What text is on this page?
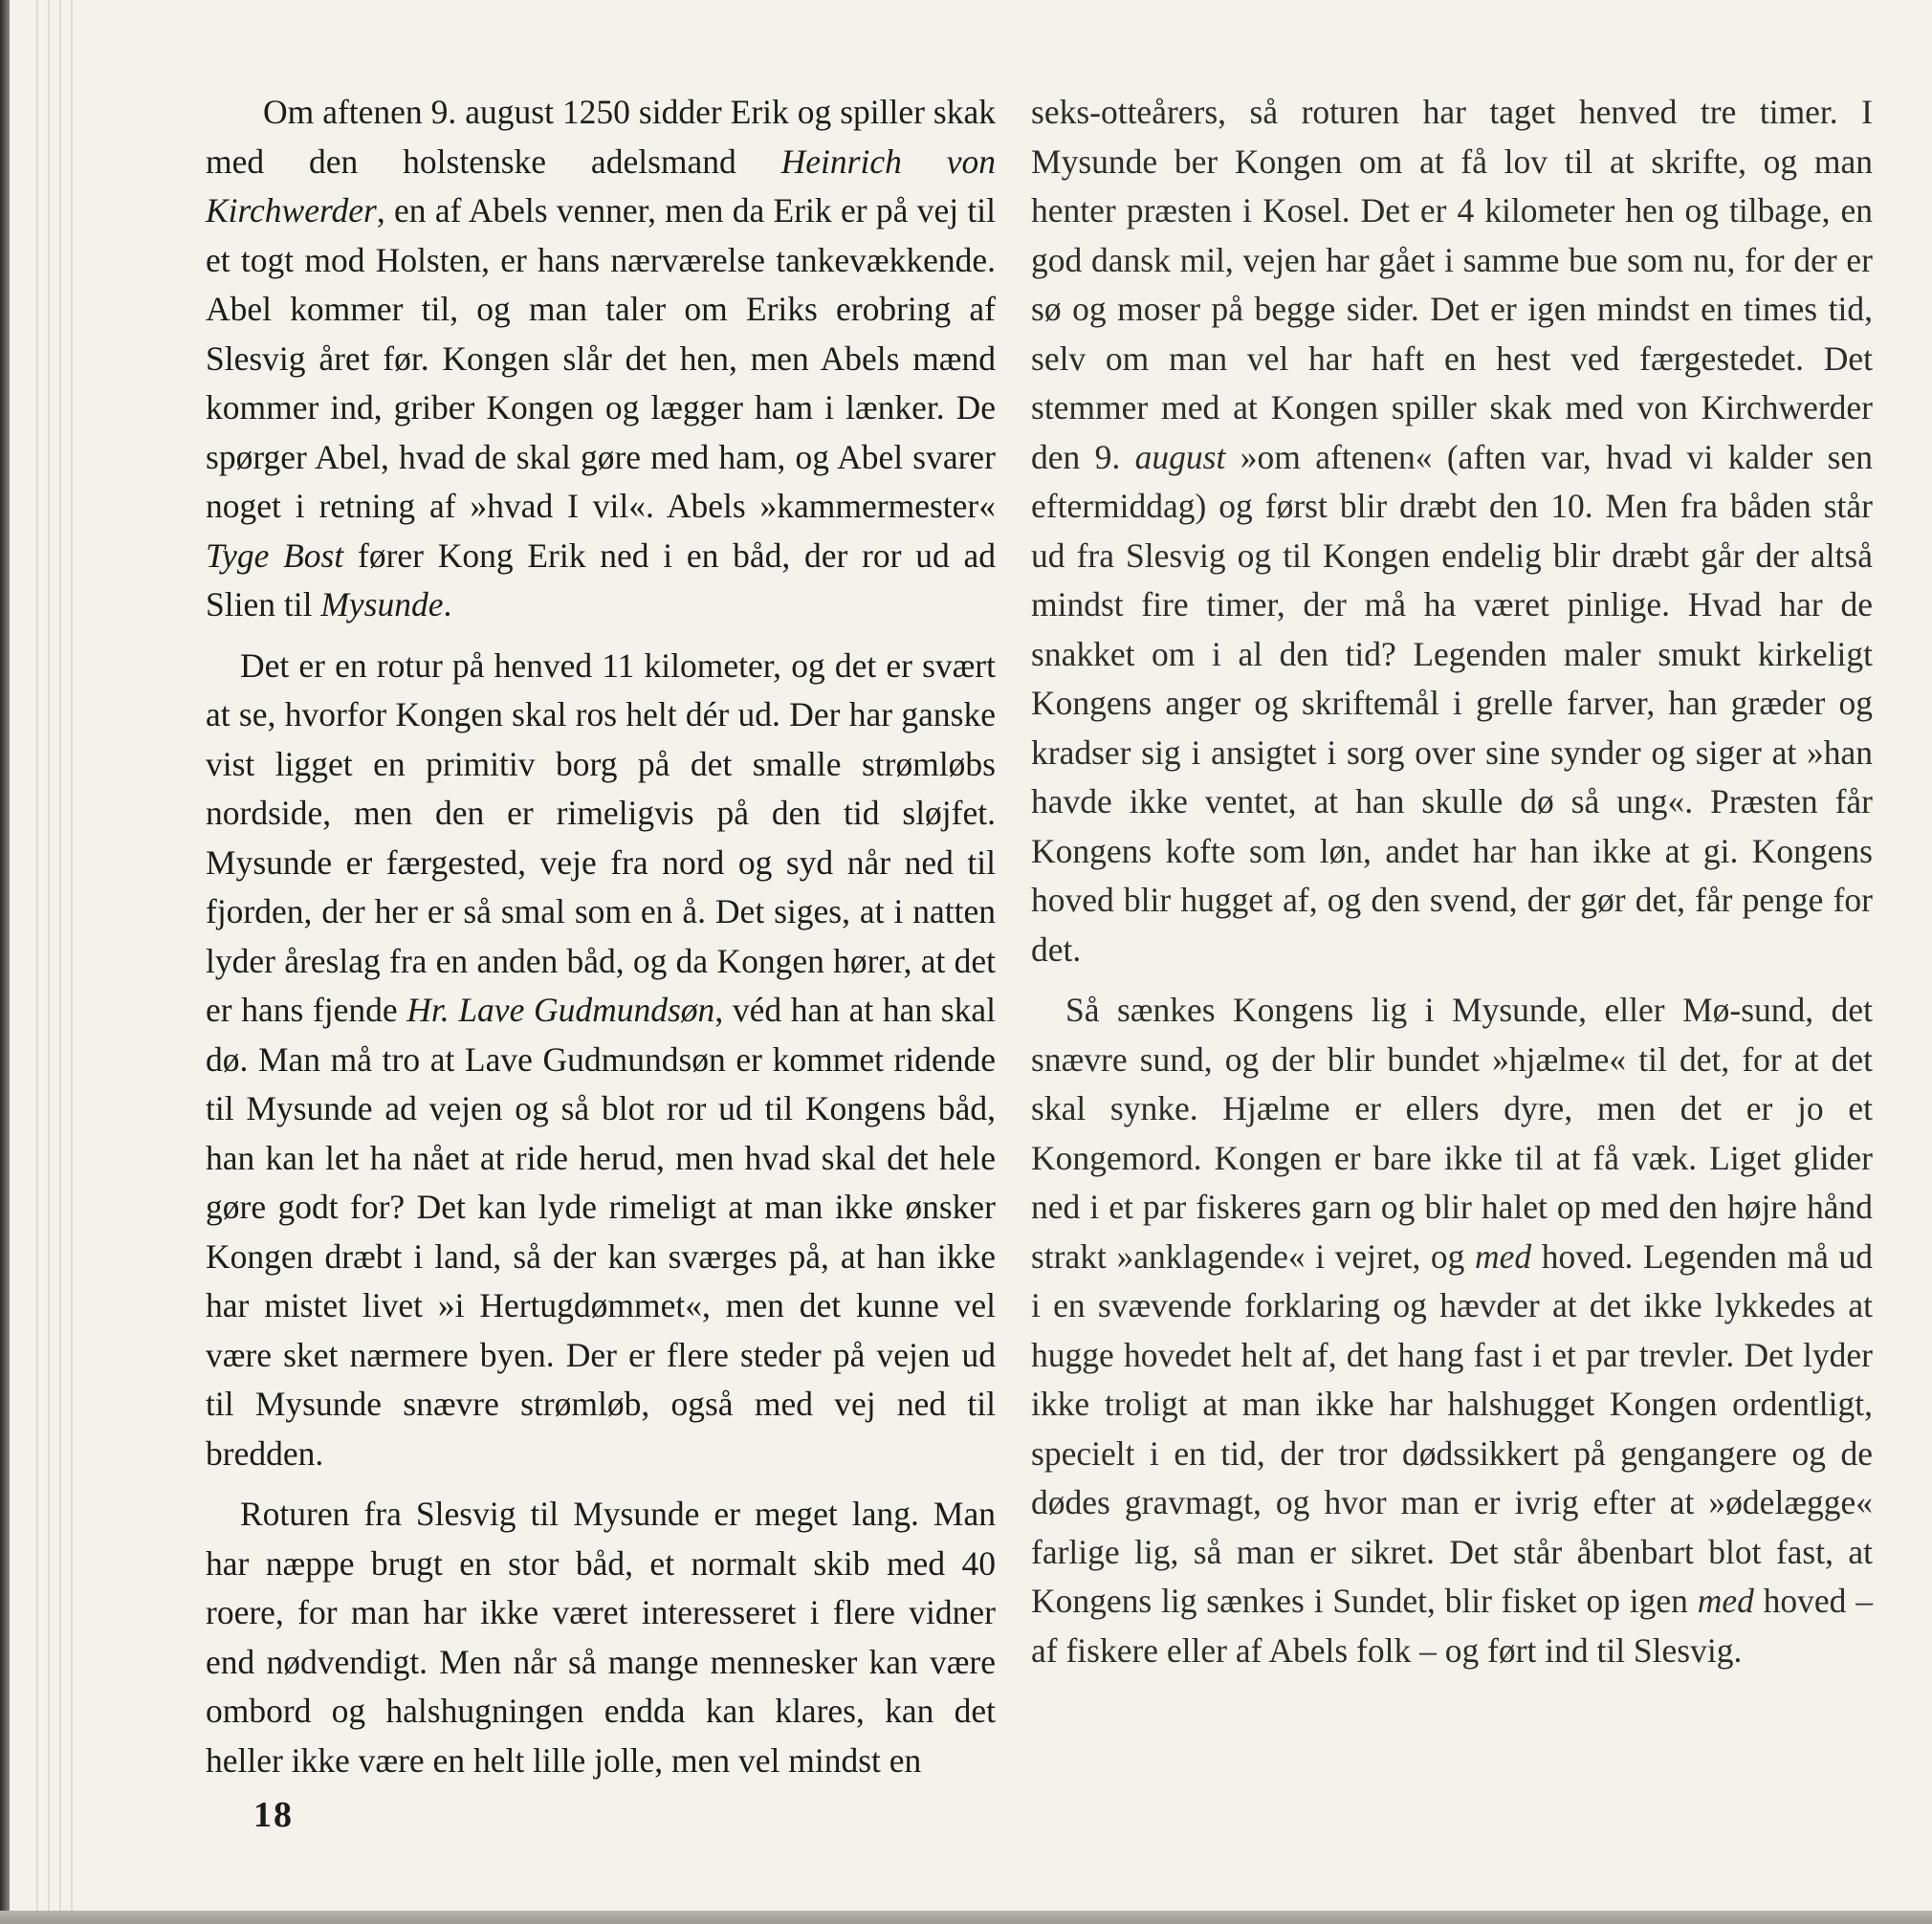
Om aftenen 9. august 1250 sidder Erik og spiller skak med den holstenske adelsmand Heinrich von Kirchwerder, en af Abels venner, men da Erik er på vej til et togt mod Holsten, er hans nærværelse tankevækkende. Abel kommer til, og man taler om Eriks erobring af Slesvig året før. Kongen slår det hen, men Abels mænd kommer ind, griber Kongen og lægger ham i lænker. De spørger Abel, hvad de skal gøre med ham, og Abel svarer noget i retning af »hvad I vil«. Abels »kammermester« Tyge Bost fører Kong Erik ned i en båd, der ror ud ad Slien til Mysunde.

Det er en rotur på henved 11 kilometer, og det er svært at se, hvorfor Kongen skal ros helt dér ud. Der har ganske vist ligget en primitiv borg på det smalle strømløbs nordside, men den er rimeligvis på den tid sløjfet. Mysunde er færgested, veje fra nord og syd når ned til fjorden, der her er så smal som en å. Det siges, at i natten lyder åreslag fra en anden båd, og da Kongen hører, at det er hans fjende Hr. Lave Gudmundsøn, véd han at han skal dø. Man må tro at Lave Gudmundsøn er kommet ridende til Mysunde ad vejen og så blot ror ud til Kongens båd, han kan let ha nået at ride herud, men hvad skal det hele gøre godt for? Det kan lyde rimeligt at man ikke ønsker Kongen dræbt i land, så der kan sværges på, at han ikke har mistet livet »i Hertugdømmet«, men det kunne vel være sket nærmere byen. Der er flere steder på vejen ud til Mysunde snævre strømløb, også med vej ned til bredden.

Roturen fra Slesvig til Mysunde er meget lang. Man har næppe brugt en stor båd, et normalt skib med 40 roere, for man har ikke været interesseret i flere vidner end nødvendigt. Men når så mange mennesker kan være ombord og halshugningen endda kan klares, kan det heller ikke være en helt lille jolle, men vel mindst en

seks-otteårers, så roturen har taget henved tre timer. I Mysunde ber Kongen om at få lov til at skrifte, og man henter præsten i Kosel. Det er 4 kilometer hen og tilbage, en god dansk mil, vejen har gået i samme bue som nu, for der er sø og moser på begge sider. Det er igen mindst en times tid, selv om man vel har haft en hest ved færgestedet. Det stemmer med at Kongen spiller skak med von Kirchwerder den 9. august »om aftenen« (aften var, hvad vi kalder sen eftermiddag) og først blir dræbt den 10. Men fra båden står ud fra Slesvig og til Kongen endelig blir dræbt går der altså mindst fire timer, der må ha været pinlige. Hvad har de snakket om i al den tid? Legenden maler smukt kirkeligt Kongens anger og skriftemål i grelle farver, han græder og kradser sig i ansigtet i sorg over sine synder og siger at »han havde ikke ventet, at han skulle dø så ung«. Præsten får Kongens kofte som løn, andet har han ikke at gi. Kongens hoved blir hugget af, og den svend, der gør det, får penge for det.

Så sænkes Kongens lig i Mysunde, eller Mø-sund, det snævre sund, og der blir bundet »hjælme« til det, for at det skal synke. Hjælme er ellers dyre, men det er jo et Kongemord. Kongen er bare ikke til at få væk. Liget glider ned i et par fiskeres garn og blir halet op med den højre hånd strakt »anklagende« i vejret, og med hoved. Legenden må ud i en svævende forklaring og hævder at det ikke lykkedes at hugge hovedet helt af, det hang fast i et par trevler. Det lyder ikke troligt at man ikke har halshugget Kongen ordentligt, specielt i en tid, der tror dødssikkert på gengangere og de dødes gravmagt, og hvor man er ivrig efter at »ødelægge« farlige lig, så man er sikret. Det står åbenbart blot fast, at Kongens lig sænkes i Sundet, blir fisket op igen med hoved – af fiskere eller af Abels folk – og ført ind til Slesvig.

18
